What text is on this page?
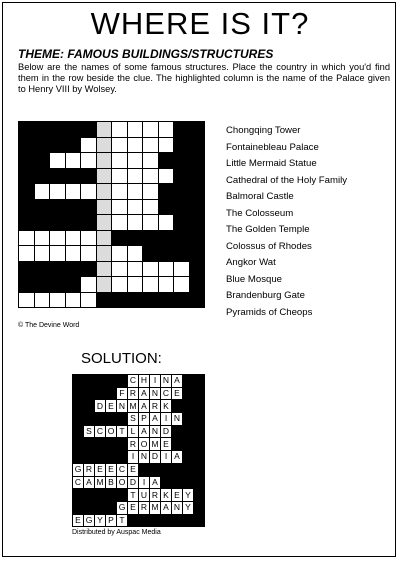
WHERE IS IT?
THEME: FAMOUS BUILDINGS/STRUCTURES
Below are the names of some famous structures. Place the country in which you'd find them in the row beside the clue. The highlighted column is the name of the Palace given to Henry VIII by Wolsey.

Chongqing Tower
Fontainebleau Palace
Little Mermaid Statue
Cathedral of the Holy Family
Balmoral Castle
The Colosseum
The Golden Temple
Colossus of Rhodes
Angkor Wat
Blue Mosque
Brandenburg Gate
Pyramids of Cheops
© The Devine Word
SOLUTION:
					C	H	I	N	A		
				F	R	A	N	C	E		
		D	E	N	M	A	R	K			
					S	P	A	I	N		
	S	C	O	T	L	A	N	D			
					R	O	M	E			
					I	N	D	I	A		
G	R	E	E	C	E						
C	A	M	B	O	D	I	A				
					T	U	R	K	E	Y	
				G	E	R	M	A	N	Y	
E	G	Y	P	T							
Distributed by Auspac Media
